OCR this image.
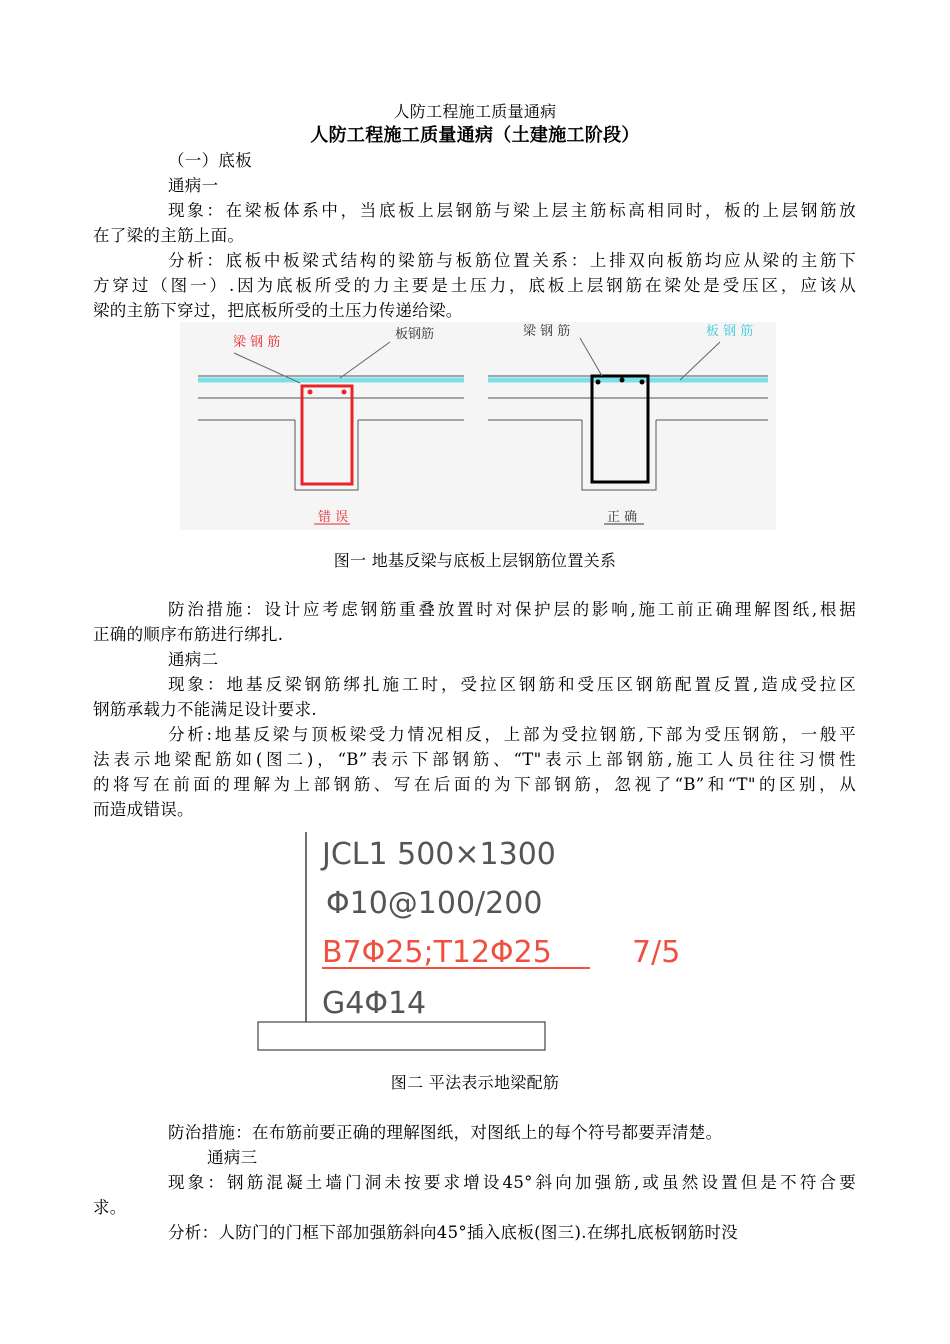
人防工程施工质量通病
人防工程施工质量通病（土建施工阶段）
（一）底板
通病一
现象：在梁板体系中，当底板上层钢筋与梁上层主筋标高相同时，板的上层钢筋放
在了梁的主筋上面。
分析：底板中板梁式结构的梁筋与板筋位置关系：上排双向板筋均应从梁的主筋下
方穿过（图一）.因为底板所受的力主要是土压力，底板上层钢筋在梁处是受压区，应该从
梁的主筋下穿过，把底板所受的土压力传递给梁。
梁 钢 筋
板钢筋
错 误
梁 钢 筋	板 钢 筋
正 确
图一 地基反梁与底板上层钢筋位置关系
防治措施：设计应考虑钢筋重叠放置时对保护层的影响,施工前正确理解图纸,根据
正确的顺序布筋进行绑扎.
通病二
现象：地基反梁钢筋绑扎施工时，受拉区钢筋和受压区钢筋配置反置,造成受拉区
钢筋承载力不能满足设计要求.
分析:地基反梁与顶板梁受力情况相反，上部为受拉钢筋,下部为受压钢筋，一般平
法表示地梁配筋如(图二)，“B”表示下部钢筋、“T"表示上部钢筋,施工人员往往习惯性
的将写在前面的理解为上部钢筋、写在后面的为下部钢筋，忽视了“B”和“T"的区别，从
而造成错误。
JCL1 500×1300
Φ10@100/200
B7Φ25;T12Φ25	7/5
G4Φ14
图二 平法表示地梁配筋
防治措施：在布筋前要正确的理解图纸，对图纸上的每个符号都要弄清楚。
通病三
现象：钢筋混凝土墙门洞未按要求增设45°斜向加强筋,或虽然设置但是不符合要
求。
分析：人防门的门框下部加强筋斜向45°插入底板(图三).在绑扎底板钢筋时没
